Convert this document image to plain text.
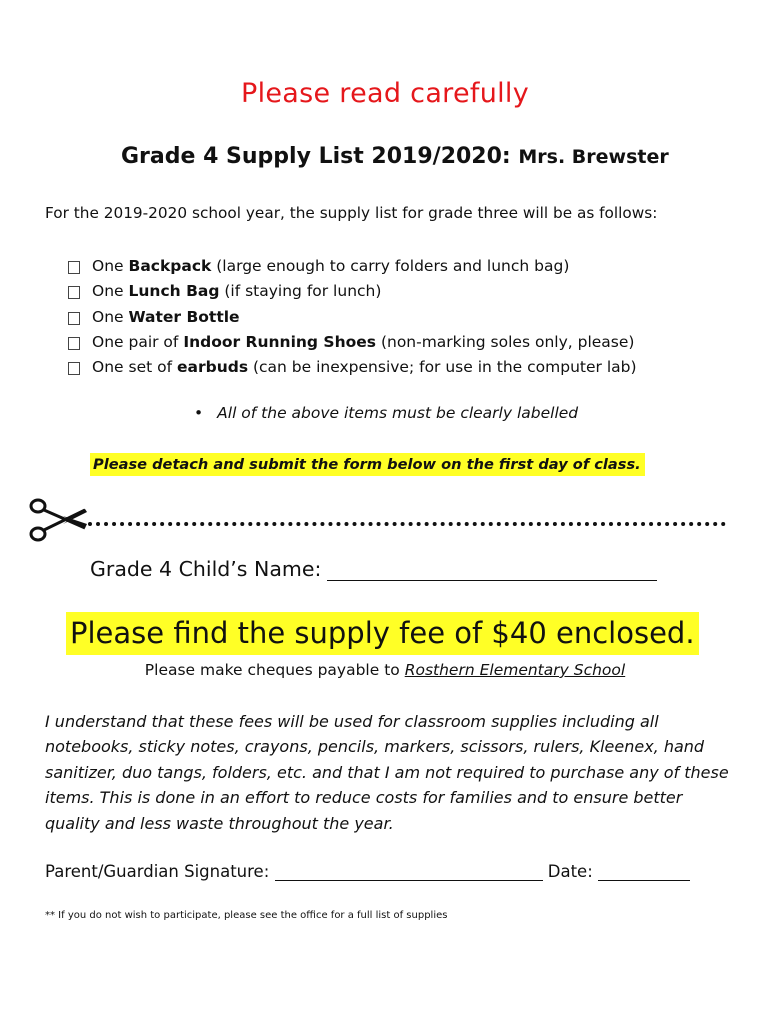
Please read carefully
Grade 4 Supply List 2019/2020: Mrs. Brewster
For the 2019-2020 school year, the supply list for grade three will be as follows:
One Backpack (large enough to carry folders and lunch bag)
One Lunch Bag (if staying for lunch)
One Water Bottle
One pair of Indoor Running Shoes (non-marking soles only, please)
One set of earbuds (can be inexpensive; for use in the computer lab)
• All of the above items must be clearly labelled
Please detach and submit the form below on the first day of class.
Grade 4 Child’s Name:
Please find the supply fee of $40 enclosed.
Please make cheques payable to Rosthern Elementary School
I understand that these fees will be used for classroom supplies including all notebooks, sticky notes, crayons, pencils, markers, scissors, rulers, Kleenex, hand sanitizer, duo tangs, folders, etc. and that I am not required to purchase any of these items. This is done in an effort to reduce costs for families and to ensure better quality and less waste throughout the year.
Parent/Guardian Signature:	Date:
** If you do not wish to participate, please see the office for a full list of supplies
